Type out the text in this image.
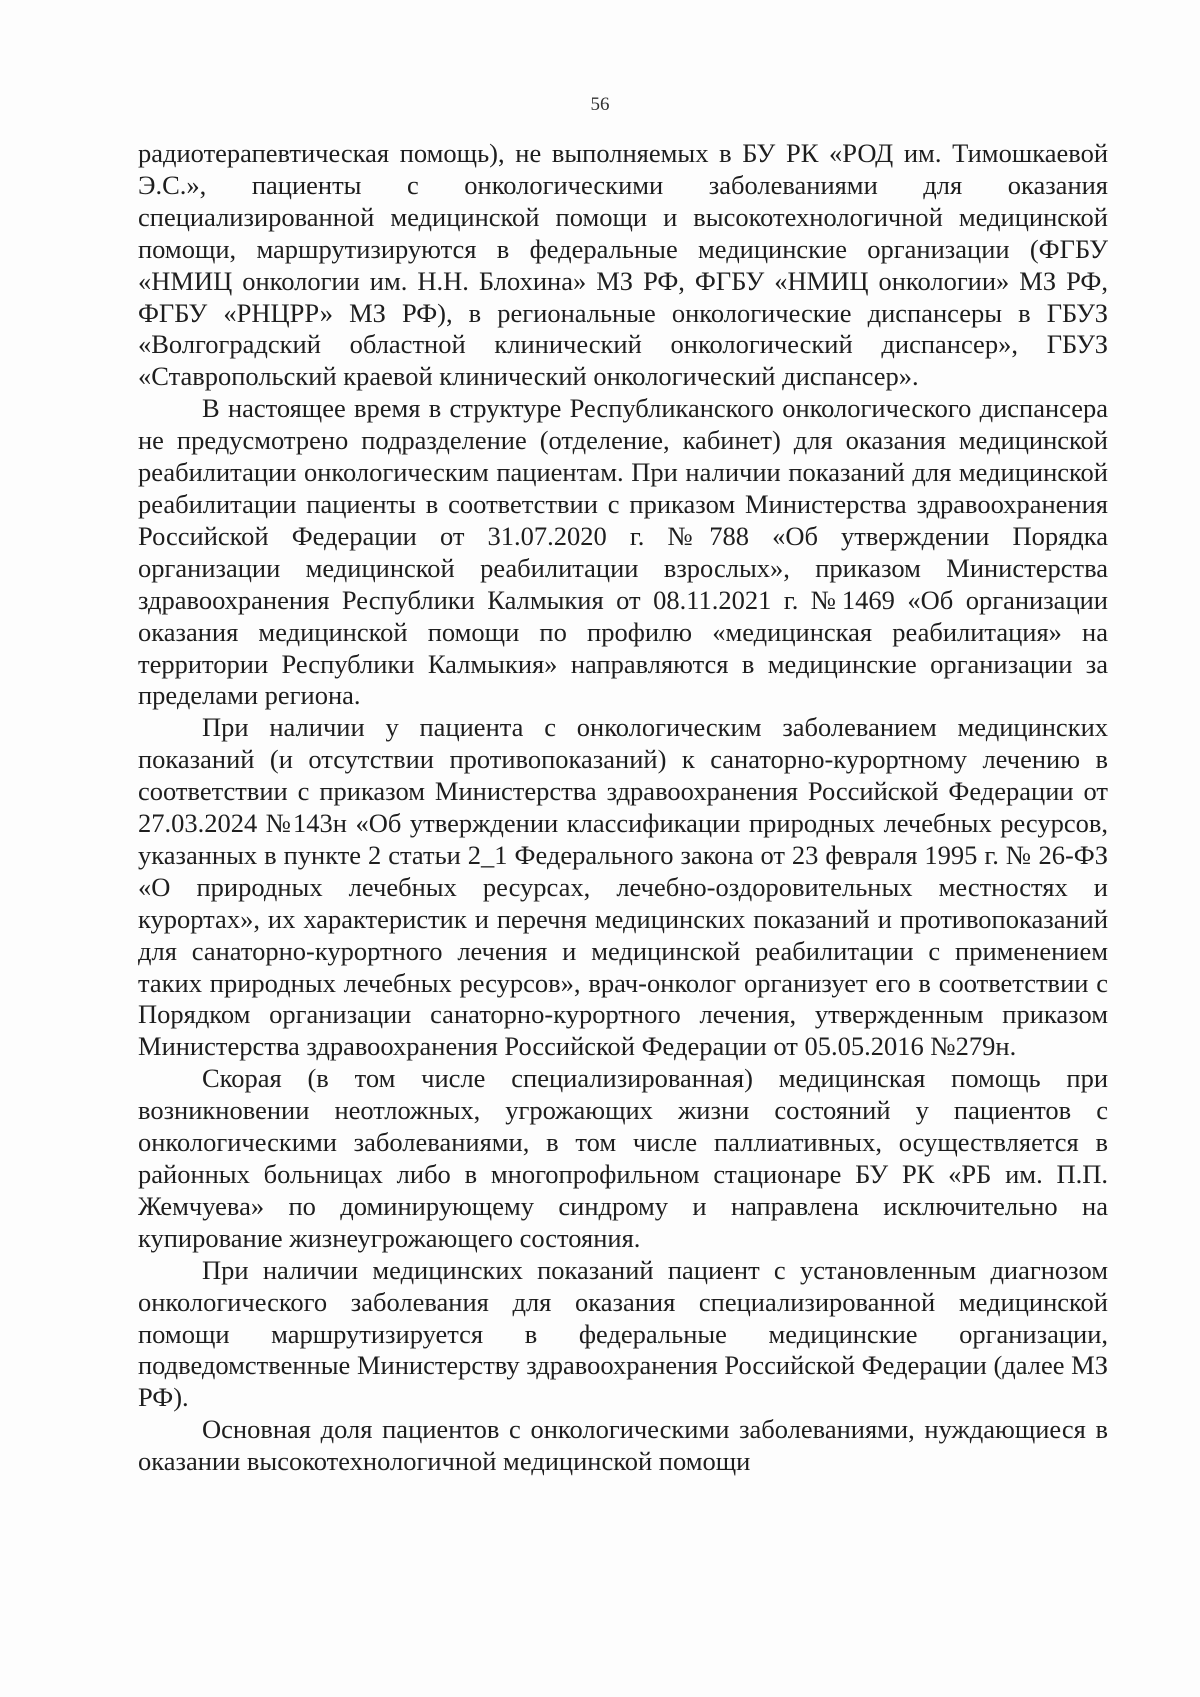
56

радиотерапевтическая помощь), не выполняемых в БУ РК «РОД им. Тимошкаевой Э.С.», пациенты с онкологическими заболеваниями для оказания специализированной медицинской помощи и высокотехнологичной медицинской помощи, маршрутизируются в федеральные медицинские организации (ФГБУ «НМИЦ онкологии им. Н.Н. Блохина» МЗ РФ, ФГБУ «НМИЦ онкологии» МЗ РФ, ФГБУ «РНЦРР» МЗ РФ), в региональные онкологические диспансеры в ГБУЗ «Волгоградский областной клинический онкологический диспансер», ГБУЗ «Ставропольский краевой клинический онкологический диспансер».

В настоящее время в структуре Республиканского онкологического диспансера не предусмотрено подразделение (отделение, кабинет) для оказания медицинской реабилитации онкологическим пациентам. При наличии показаний для медицинской реабилитации пациенты в соответствии с приказом Министерства здравоохранения Российской Федерации от 31.07.2020 г. №788 «Об утверждении Порядка организации медицинской реабилитации взрослых», приказом Министерства здравоохранения Республики Калмыкия от 08.11.2021 г. №1469 «Об организации оказания медицинской помощи по профилю «медицинская реабилитация» на территории Республики Калмыкия» направляются в медицинские организации за пределами региона.

При наличии у пациента с онкологическим заболеванием медицинских показаний (и отсутствии противопоказаний) к санаторно-курортному лечению в соответствии с приказом Министерства здравоохранения Российской Федерации от 27.03.2024 №143н «Об утверждении классификации природных лечебных ресурсов, указанных в пункте 2 статьи 2_1 Федерального закона от 23 февраля 1995 г. № 26-ФЗ «О природных лечебных ресурсах, лечебно-оздоровительных местностях и курортах», их характеристик и перечня медицинских показаний и противопоказаний для санаторно-курортного лечения и медицинской реабилитации с применением таких природных лечебных ресурсов», врач-онколог организует его в соответствии с Порядком организации санаторно-курортного лечения, утвержденным приказом Министерства здравоохранения Российской Федерации от 05.05.2016 №279н.

Скорая (в том числе специализированная) медицинская помощь при возникновении неотложных, угрожающих жизни состояний у пациентов с онкологическими заболеваниями, в том числе паллиативных, осуществляется в районных больницах либо в многопрофильном стационаре БУ РК «РБ им. П.П. Жемчуева» по доминирующему синдрому и направлена исключительно на купирование жизнеугрожающего состояния.

При наличии медицинских показаний пациент с установленным диагнозом онкологического заболевания для оказания специализированной медицинской помощи маршрутизируется в федеральные медицинские организации, подведомственные Министерству здравоохранения Российской Федерации (далее МЗ РФ).

Основная доля пациентов с онкологическими заболеваниями, нуждающиеся в оказании высокотехнологичной медицинской помощи
